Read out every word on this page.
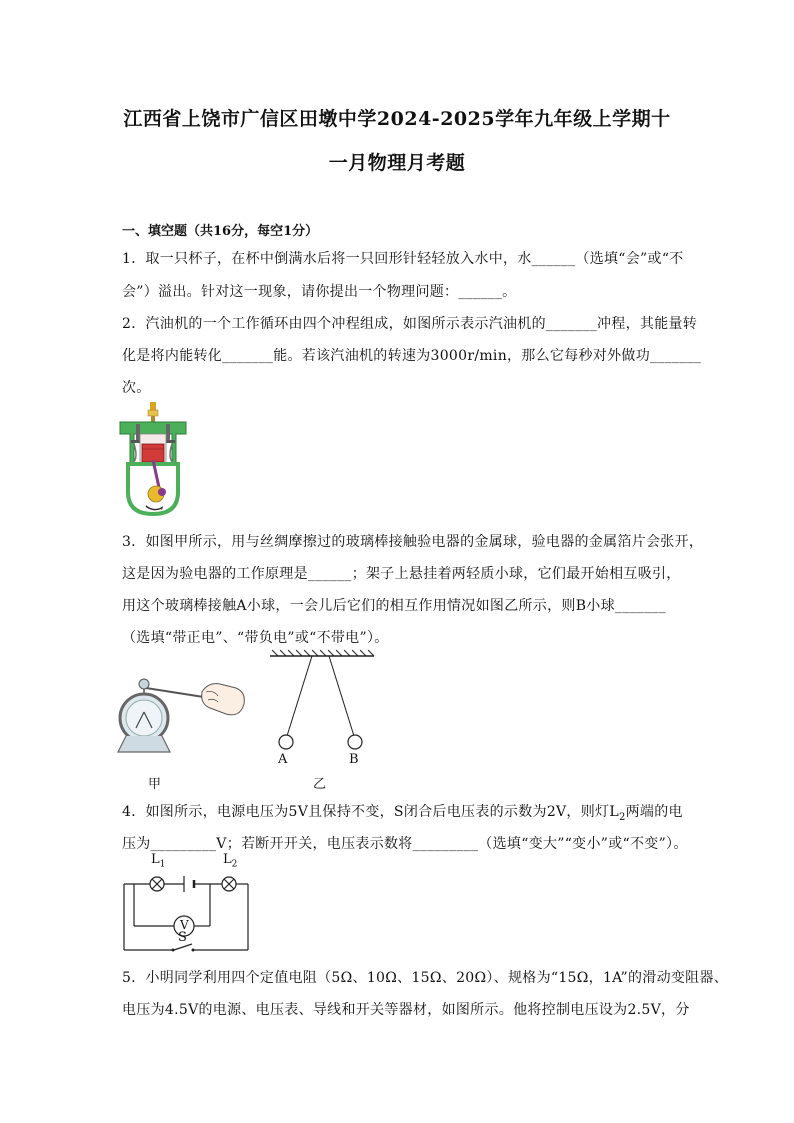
江西省上饶市广信区田墩中学2024-2025学年九年级上学期十
一月物理月考题
一、填空题（共16分，每空1分）
1．取一只杯子，在杯中倒满水后将一只回形针轻轻放入水中，水______（选填“会”或“不
会”）溢出。针对这一现象，请你提出一个物理问题：______。
2．汽油机的一个工作循环由四个冲程组成，如图所示表示汽油机的_______冲程，其能量转
化是将内能转化_______能。若该汽油机的转速为3000r/min，那么它每秒对外做功_______
次。
3．如图甲所示，用与丝绸摩擦过的玻璃棒接触验电器的金属球，验电器的金属箔片会张开，
这是因为验电器的工作原理是______；架子上悬挂着两轻质小球，它们最开始相互吸引，
用这个玻璃棒接触A小球，一会儿后它们的相互作用情况如图乙所示，则B小球_______
（选填“带正电”、“带负电”或“不带电”）。
甲
A	B
乙
4．如图所示，电源电压为5V且保持不变，S闭合后电压表的示数为2V，则灯$L_2$两端的电
压为_________V；若断开开关，电压表示数将_________（选填“变大”“变小”或“不变”）。
$L_1$	$L_2$
V
S
5．小明同学利用四个定值电阻（5Ω、10Ω、15Ω、20Ω）、规格为“15Ω，1A”的滑动变阻器、
电压为4.5V的电源、电压表、导线和开关等器材，如图所示。他将控制电压设为2.5V，分
